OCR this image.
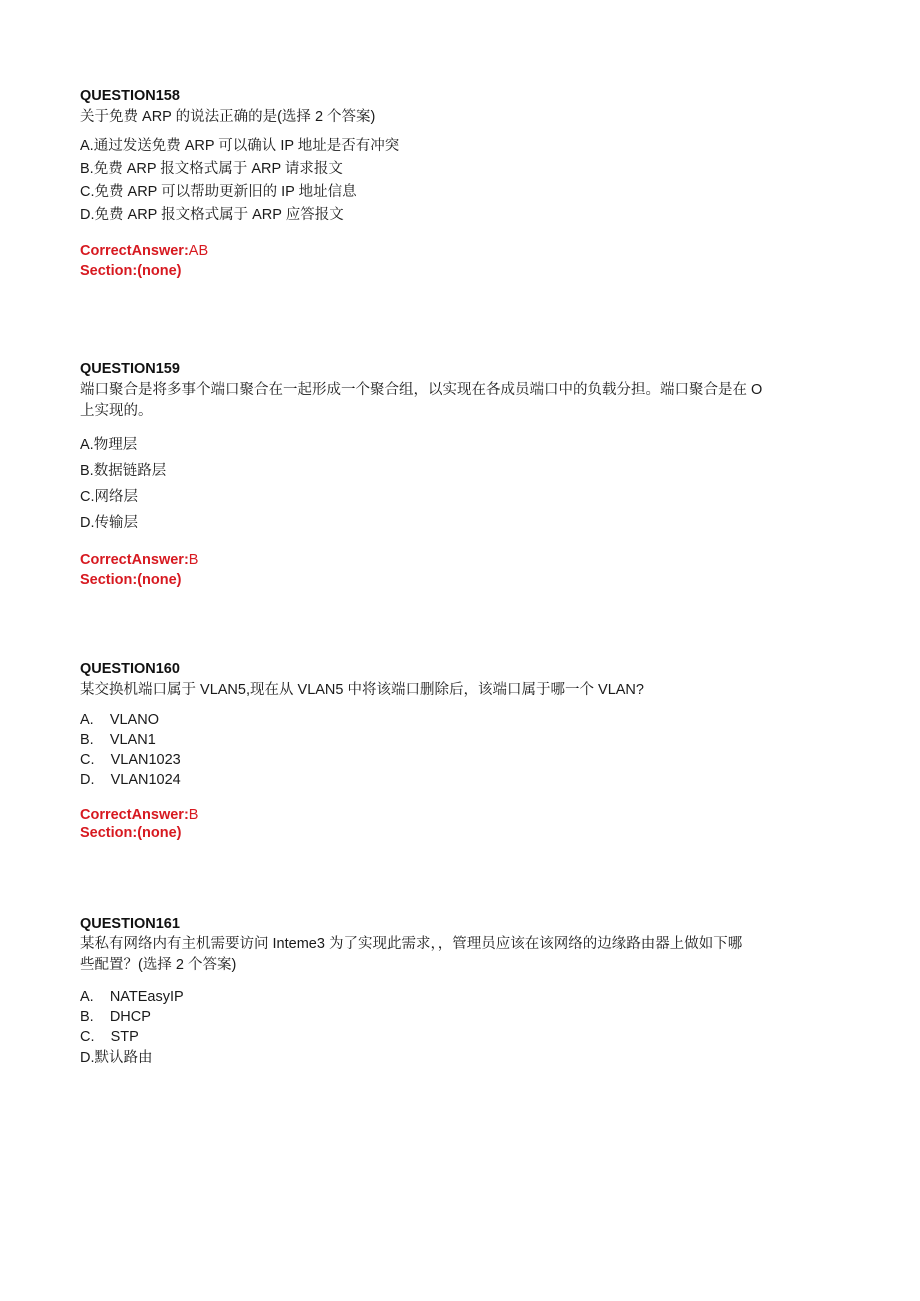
QUESTION158

关于免费 ARP 的说法正确的是(选择 2 个答案)

A.通过发送免费 ARP 可以确认 IP 地址是否有冲突

B.免费 ARP 报文格式属于 ARP 请求报文

C.免费 ARP 可以帮助更新旧的 IP 地址信息

D.免费 ARP 报文格式属于 ARP 应答报文

CorrectAnswer:AB

Section:(none)

QUESTION159

端口聚合是将多事个端口聚合在一起形成一个聚合组，以实现在各成员端口中的负载分担。端口聚合是在 O

上实现的。

A.物理层

B.数据链路层

C.网络层

D.传输层

CorrectAnswer:B

Section:(none)

QUESTION160

某交换机端口属于 VLAN5,现在从 VLAN5 中将该端口删除后，该端口属于哪一个 VLAN?

A.    VLANO

B.    VLAN1

C.    VLAN1023

D.    VLAN1024

CorrectAnswer:B

Section:(none)

QUESTION161

某私有网络内有主机需要访问 Inteme3 为了实现此需求，，管理员应该在该网络的边缘路由器上做如下哪

些配置？(选择 2 个答案)

A.    NATEasyIP

B.    DHCP

C.    STP

D.默认路由
